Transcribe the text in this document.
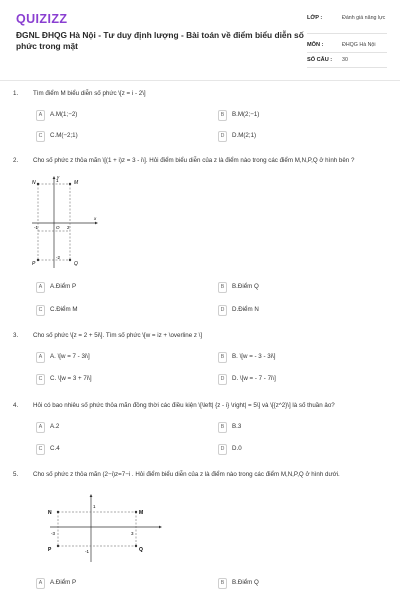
QUIZIZZ
ĐGNL ĐHQG Hà Nội - Tư duy định lượng - Bài toán về điểm biểu diễn số phức trong mặt
LỚP :	Đánh giá năng lực
MÔN :	ĐHQG Hà Nội
SỐ CÂU : 30
1. Tìm điểm M biểu diễn số phức \[z = i - 2\]
A	A.M(1;−2)	B	B.M(2;−1)
C	C.M(−2;1)	D	D.M(2;1)
2. Cho số phức z thỏa mãn \[(1 + i)z = 3 - i\]. Hỏi điểm biểu diễn của z là điểm nào trong các điểm M,N,P,Q ở hình bên ?
N	M
P	Q
1
-1
-2
2
O
y
x
A	A.Điểm P	B	B.Điểm Q
C	C.Điểm M	D	D.Điểm N
3. Cho số phức \[z = 2 + 5i\]. Tìm số phức \[w = iz + \overline z \]
A	A. \[w = 7 - 3i\]	B	B. \[w = - 3 - 3i\]
C	C. \[w = 3 + 7i\]	D	D. \[w = - 7 - 7i\]
4. Hỏi có bao nhiêu số phức thỏa mãn đồng thời các điều kiện \[\left| {z - i} \right| = 5\] và \[{z^2}\] là số thuần ảo?
A	A.2	B	B.3
C	C.4	D	D.0
5. Cho số phức z thỏa mãn (2−i)z=7−i . Hỏi điểm biểu diễn của z là điểm nào trong các điểm M,N,P,Q ở hình dưới.
N	M
P	Q
1
-3	3
-1
A	A.Điểm P	B	B.Điểm Q
